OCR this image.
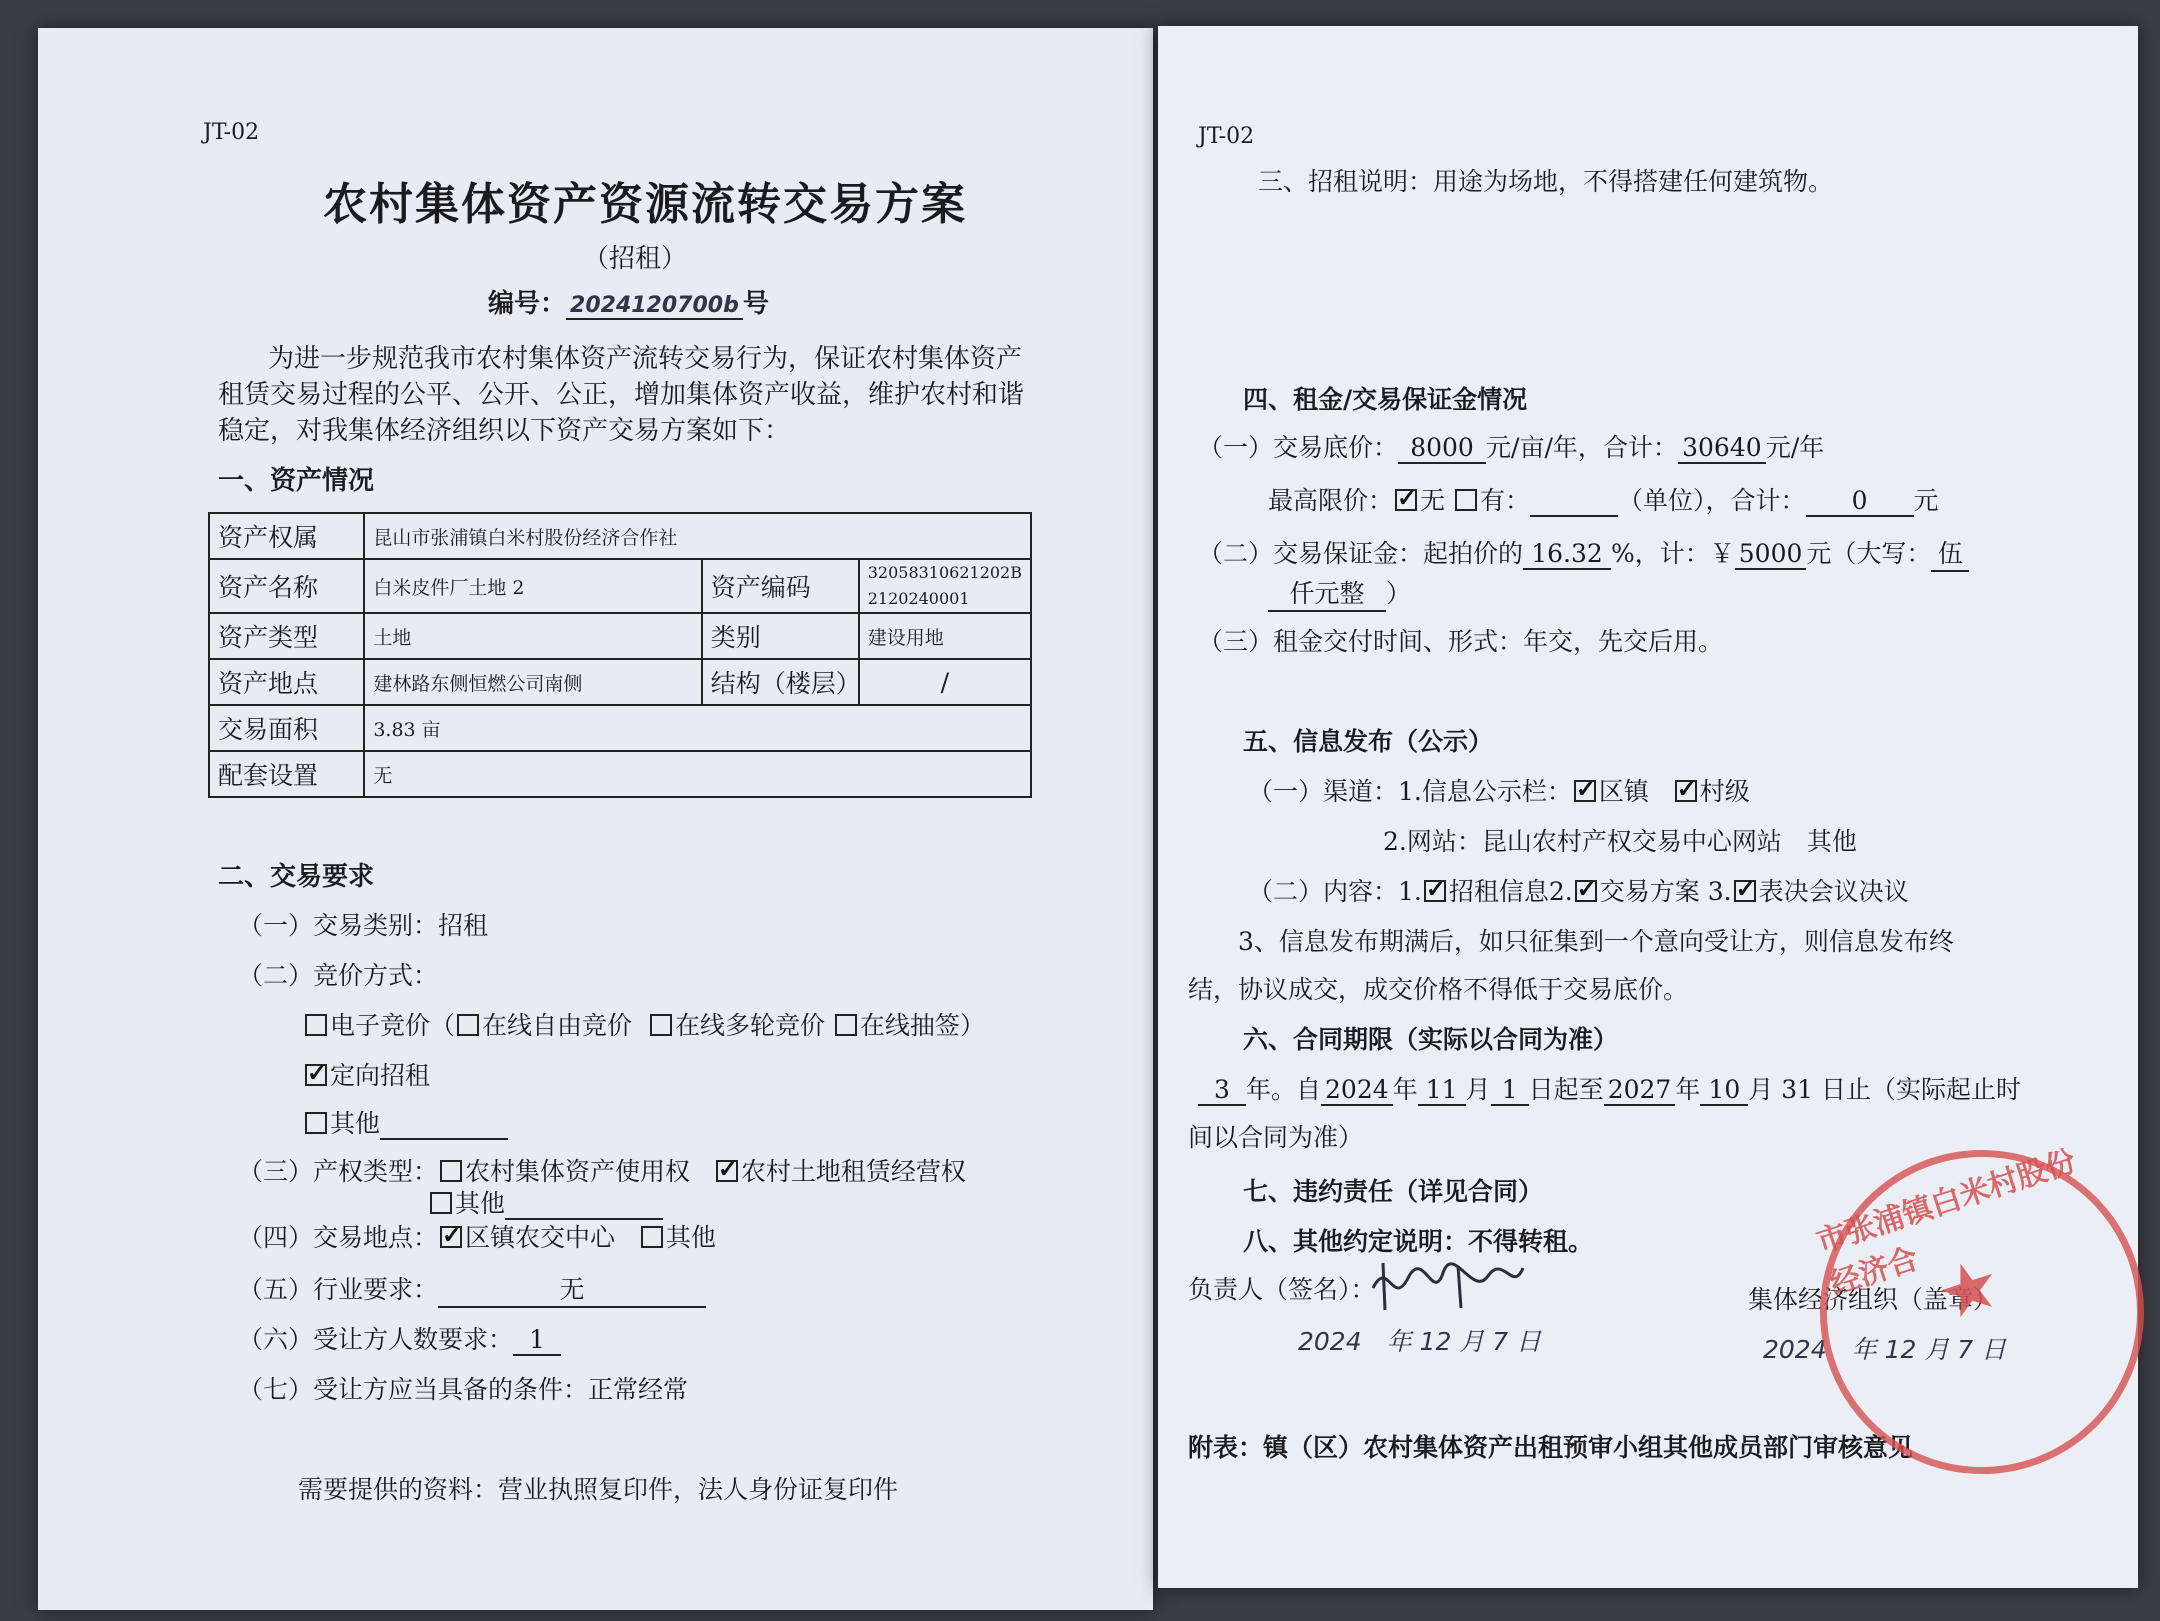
JT-02
农村集体资产资源流转交易方案
（招租）
编号： 2024120700b 号
为进一步规范我市农村集体资产流转交易行为，保证农村集体资产
租赁交易过程的公平、公开、公正，增加集体资产收益，维护农村和谐
稳定，对我集体经济组织以下资产交易方案如下：
一、资产情况
资产权属	昆山市张浦镇白米村股份经济合作社		
资产名称	白米皮件厂土地 2	资产编码	32058310621202B
2120240001

资产类型	土地	类别	建设用地
资产地点	建林路东侧恒燃公司南侧	结构（楼层）	/
交易面积	3.83 亩		
配套设置	无		
二、交易要求
（一）交易类别：招租
（二）竞价方式：
电子竞价（ 在线自由竞价 在线多轮竞价 在线抽签）
✓定向招租
其他
（三）产权类型： 农村集体资产使用权 ✓ 农村土地租赁经营权
其他
（四）交易地点： ✓ 区镇农交中心 其他
（五）行业要求：	无
（六）受让方人数要求： 1
（七）受让方应当具备的条件：正常经常
需要提供的资料：营业执照复印件，法人身份证复印件
JT-02
三、招租说明：用途为场地，不得搭建任何建筑物。
四、租金/交易保证金情况
（一）交易底价： 8000 元/亩/年，合计： 30640 元/年
最高限价： ✓ 无 有：	（单位），合计： 0 元
（二）交易保证金：起拍价的 16.32 %，计：￥ 5000 元（大写： 伍
仟元整 ）
（三）租金交付时间、形式：年交，先交后用。
五、信息发布（公示）
（一）渠道：1.信息公示栏： ✓ 区镇 ✓ 村级
2.网站：昆山农村产权交易中心网站　其他
（二）内容：1. ✓ 招租信息2. ✓ 交易方案 3. ✓ 表决会议决议
3、信息发布期满后，如只征集到一个意向受让方，则信息发布终
结，协议成交，成交价格不得低于交易底价。
六、合同期限（实际以合同为准）
3 年。自 2024 年 11 月 1 日起至 2027 年 10 月 31 日止（实际起止时
间以合同为准）
七、违约责任（详见合同）
八、其他约定说明：不得转租。
负责人（签名）：
2024　年 12 月 7 日
集体经济组织（盖章）
2024　年 12 月 7 日
附表：镇（区）农村集体资产出租预审小组其他成员部门审核意见
市张浦镇白米村股份经济合 ★
